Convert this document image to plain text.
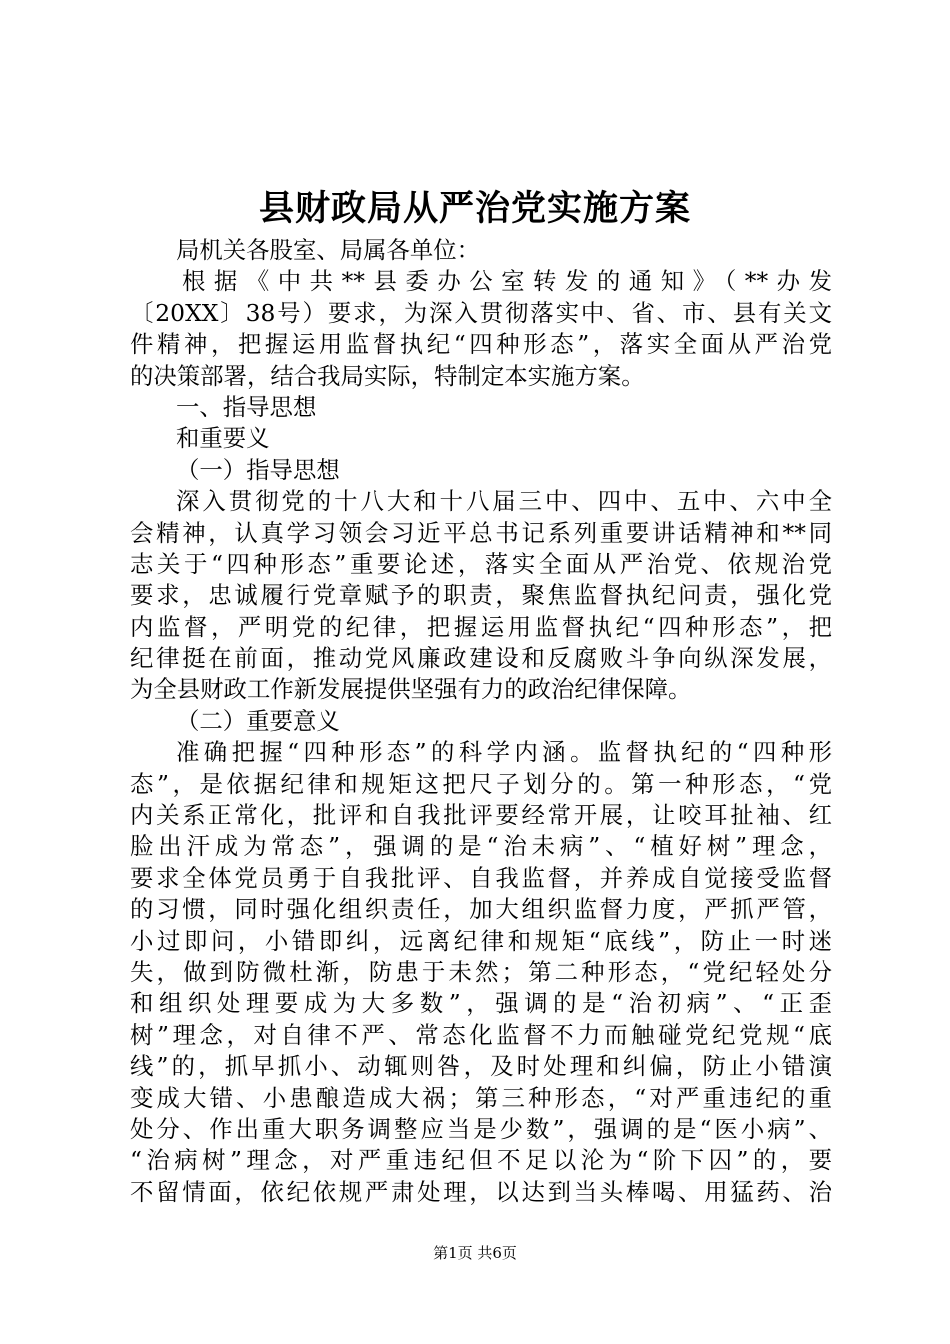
县财政局从严治党实施方案
局机关各股室、局属各单位：
根据《中共**县委办公室转发的通知》（**办发
〔20XX〕38号）要求，为深入贯彻落实中、省、市、县有关文
件精神，把握运用监督执纪“四种形态”，落实全面从严治党
的决策部署，结合我局实际，特制定本实施方案。
一、指导思想
和重要义
（一）指导思想
深入贯彻党的十八大和十八届三中、四中、五中、六中全
会精神，认真学习领会习近平总书记系列重要讲话精神和**同
志关于“四种形态”重要论述，落实全面从严治党、依规治党
要求，忠诚履行党章赋予的职责，聚焦监督执纪问责，强化党
内监督，严明党的纪律，把握运用监督执纪“四种形态”，把
纪律挺在前面，推动党风廉政建设和反腐败斗争向纵深发展，
为全县财政工作新发展提供坚强有力的政治纪律保障。
（二）重要意义
准确把握“四种形态”的科学内涵。监督执纪的“四种形
态”，是依据纪律和规矩这把尺子划分的。第一种形态，“党
内关系正常化，批评和自我批评要经常开展，让咬耳扯袖、红
脸出汗成为常态”，强调的是“治未病”、“植好树”理念，
要求全体党员勇于自我批评、自我监督，并养成自觉接受监督
的习惯，同时强化组织责任，加大组织监督力度，严抓严管，
小过即问，小错即纠，远离纪律和规矩“底线”，防止一时迷
失，做到防微杜渐，防患于未然；第二种形态，“党纪轻处分
和组织处理要成为大多数”，强调的是“治初病”、“正歪
树”理念，对自律不严、常态化监督不力而触碰党纪党规“底
线”的，抓早抓小、动辄则咎，及时处理和纠偏，防止小错演
变成大错、小患酿造成大祸；第三种形态，“对严重违纪的重
处分、作出重大职务调整应当是少数”，强调的是“医小病”、
“治病树”理念，对严重违纪但不足以沦为“阶下囚”的，要
不留情面，依纪依规严肃处理，以达到当头棒喝、用猛药、治
第1页 共6页
